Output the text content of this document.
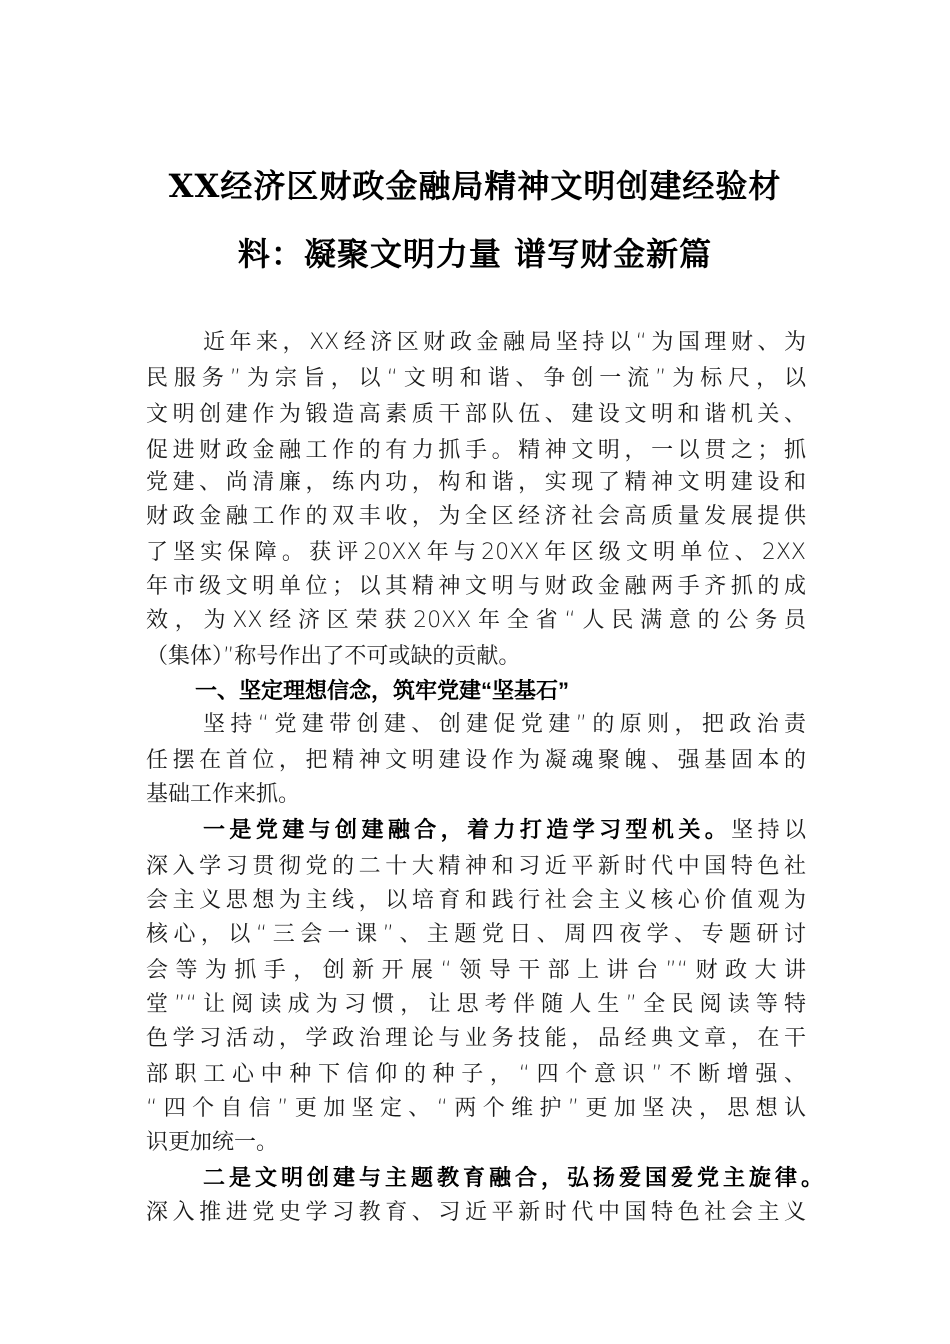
XX经济区财政金融局精神文明创建经验材
料：凝聚文明力量 谱写财金新篇
近年来，XX经济区财政金融局坚持以“为国理财、为
民服务”为宗旨，以“文明和谐、争创一流”为标尺，以
文明创建作为锻造高素质干部队伍、建设文明和谐机关、
促进财政金融工作的有力抓手。精神文明，一以贯之；抓
党建、尚清廉，练内功，构和谐，实现了精神文明建设和
财政金融工作的双丰收，为全区经济社会高质量发展提供
了坚实保障。获评20XX年与20XX年区级文明单位、2XX
年市级文明单位；以其精神文明与财政金融两手齐抓的成
效，为XX经济区荣获20XX年全省“人民满意的公务员
（集体）”称号作出了不可或缺的贡献。
一、坚定理想信念，筑牢党建“坚基石”
坚持“党建带创建、创建促党建”的原则，把政治责
任摆在首位，把精神文明建设作为凝魂聚魄、强基固本的
基础工作来抓。
一是党建与创建融合，着力打造学习型机关。坚持以
深入学习贯彻党的二十大精神和习近平新时代中国特色社
会主义思想为主线，以培育和践行社会主义核心价值观为
核心，以“三会一课”、主题党日、周四夜学、专题研讨
会等为抓手，创新开展“领导干部上讲台”“财政大讲
堂”“让阅读成为习惯，让思考伴随人生”全民阅读等特
色学习活动，学政治理论与业务技能，品经典文章，在干
部职工心中种下信仰的种子，“四个意识”不断增强、
“四个自信”更加坚定、“两个维护”更加坚决，思想认
识更加统一。
二是文明创建与主题教育融合，弘扬爱国爱党主旋律。
深入推进党史学习教育、习近平新时代中国特色社会主义
